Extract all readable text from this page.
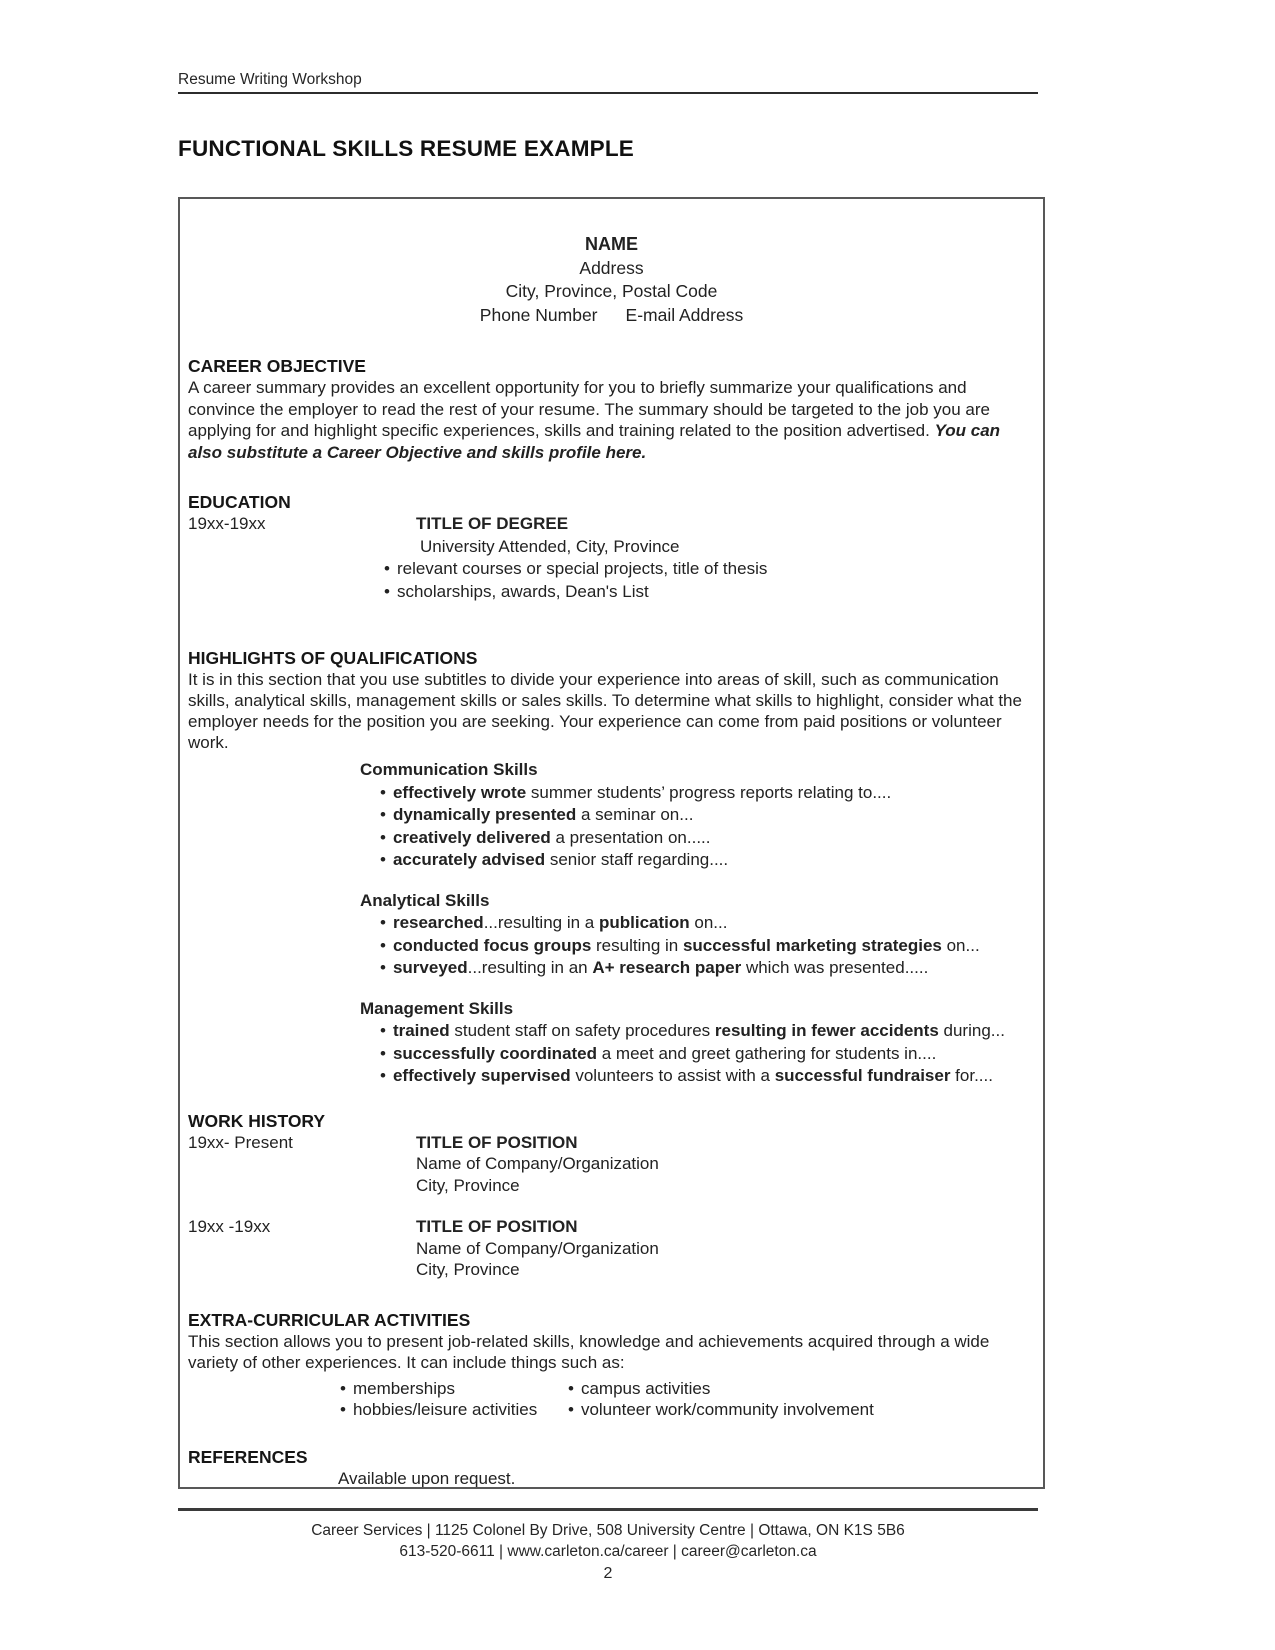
Resume Writing Workshop
FUNCTIONAL SKILLS RESUME EXAMPLE
NAME
Address
City, Province, Postal Code
Phone Number E-mail Address
CAREER OBJECTIVE

A career summary provides an excellent opportunity for you to briefly summarize your qualifications and convince the employer to read the rest of your resume. The summary should be targeted to the job you are applying for and highlight specific experiences, skills and training related to the position advertised. You can also substitute a Career Objective and skills profile here.

EDUCATION
19xx-19xx	TITLE OF DEGREE
University Attended, City, Province
• relevant courses or special projects, title of thesis
• scholarships, awards, Dean's List
HIGHLIGHTS OF QUALIFICATIONS

It is in this section that you use subtitles to divide your experience into areas of skill, such as communication skills, analytical skills, management skills or sales skills. To determine what skills to highlight, consider what the employer needs for the position you are seeking. Your experience can come from paid positions or volunteer work.

Communication Skills
• effectively wrote summer students’ progress reports relating to....
• dynamically presented a seminar on...
• creatively delivered a presentation on.....
• accurately advised senior staff regarding....
Analytical Skills
• researched...resulting in a publication on...
• conducted focus groups resulting in successful marketing strategies on...
• surveyed...resulting in an A+ research paper which was presented.....
Management Skills
• trained student staff on safety procedures resulting in fewer accidents during...
• successfully coordinated a meet and greet gathering for students in....
• effectively supervised volunteers to assist with a successful fundraiser for....
WORK HISTORY
19xx- Present	TITLE OF POSITION
Name of Company/Organization
City, Province
19xx -19xx	TITLE OF POSITION
Name of Company/Organization
City, Province
EXTRA-CURRICULAR ACTIVITIES

This section allows you to present job-related skills, knowledge and achievements acquired through a wide variety of other experiences. It can include things such as:

• memberships	• campus activities
• hobbies/leisure activities	• volunteer work/community involvement
REFERENCES
Available upon request.
Career Services | 1125 Colonel By Drive, 508 University Centre | Ottawa, ON K1S 5B6
613-520-6611 | www.carleton.ca/career | career@carleton.ca
2
